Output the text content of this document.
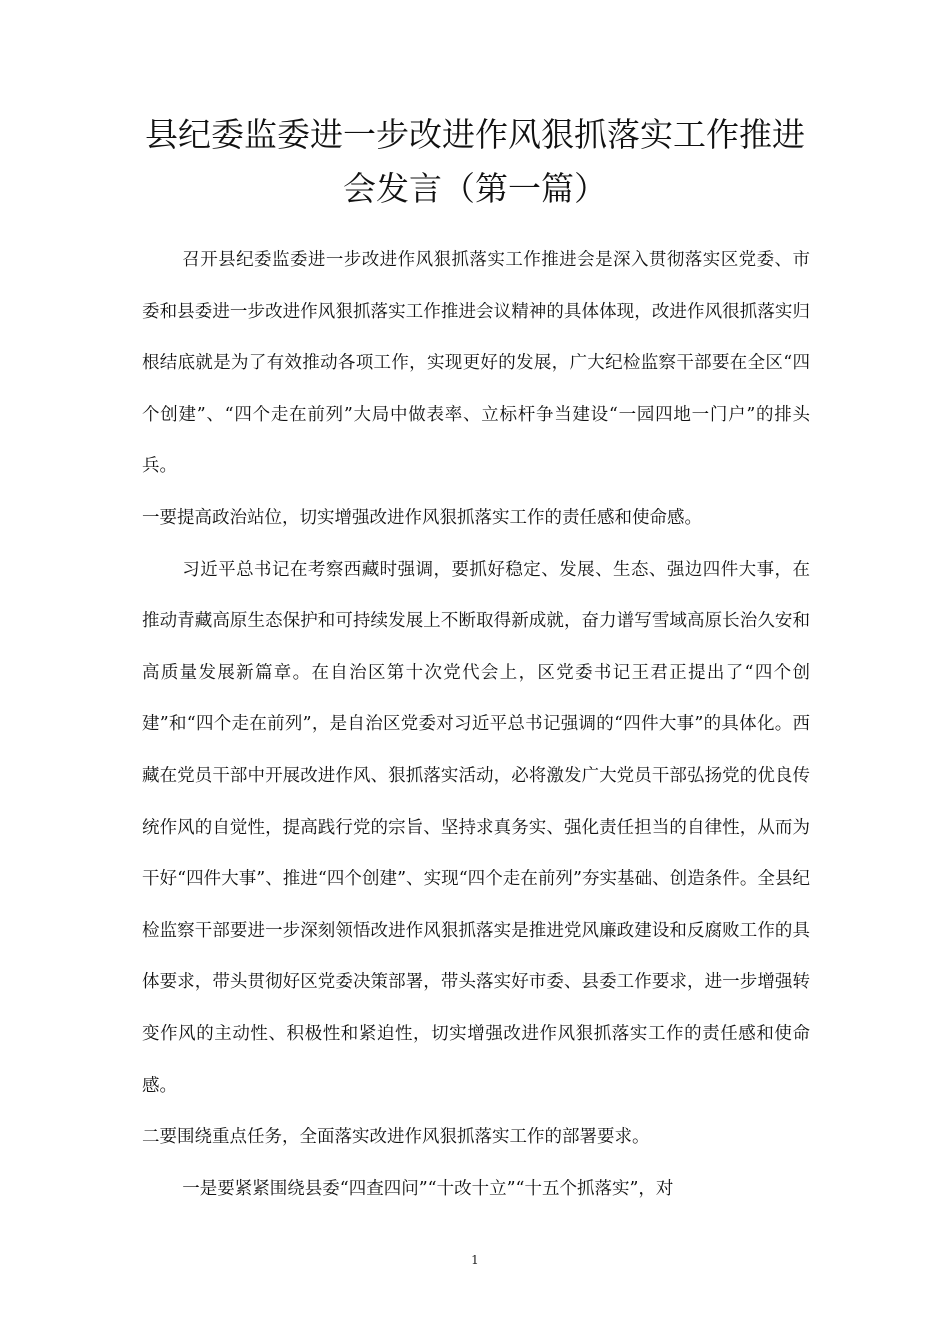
县纪委监委进一步改进作风狠抓落实工作推进
会发言（第一篇）

召开县纪委监委进一步改进作风狠抓落实工作推进会是深入贯彻落实区党委、市委和县委进一步改进作风狠抓落实工作推进会议精神的具体体现，改进作风很抓落实归根结底就是为了有效推动各项工作，实现更好的发展，广大纪检监察干部要在全区“四个创建”、“四个走在前列”大局中做表率、立标杆争当建设“一园四地一门户”的排头兵。

一要提高政治站位，切实增强改进作风狠抓落实工作的责任感和使命感。

习近平总书记在考察西藏时强调，要抓好稳定、发展、生态、强边四件大事，在推动青藏高原生态保护和可持续发展上不断取得新成就，奋力谱写雪域高原长治久安和高质量发展新篇章。在自治区第十次党代会上，区党委书记王君正提出了“四个创建”和“四个走在前列”，是自治区党委对习近平总书记强调的“四件大事”的具体化。西藏在党员干部中开展改进作风、狠抓落实活动，必将激发广大党员干部弘扬党的优良传统作风的自觉性，提高践行党的宗旨、坚持求真务实、强化责任担当的自律性，从而为干好“四件大事”、推进“四个创建”、实现“四个走在前列”夯实基础、创造条件。全县纪检监察干部要进一步深刻领悟改进作风狠抓落实是推进党风廉政建设和反腐败工作的具体要求，带头贯彻好区党委决策部署，带头落实好市委、县委工作要求，进一步增强转变作风的主动性、积极性和紧迫性，切实增强改进作风狠抓落实工作的责任感和使命感。

二要围绕重点任务，全面落实改进作风狠抓落实工作的部署要求。

一是要紧紧围绕县委“四查四问”“十改十立”“十五个抓落实”，对

1
